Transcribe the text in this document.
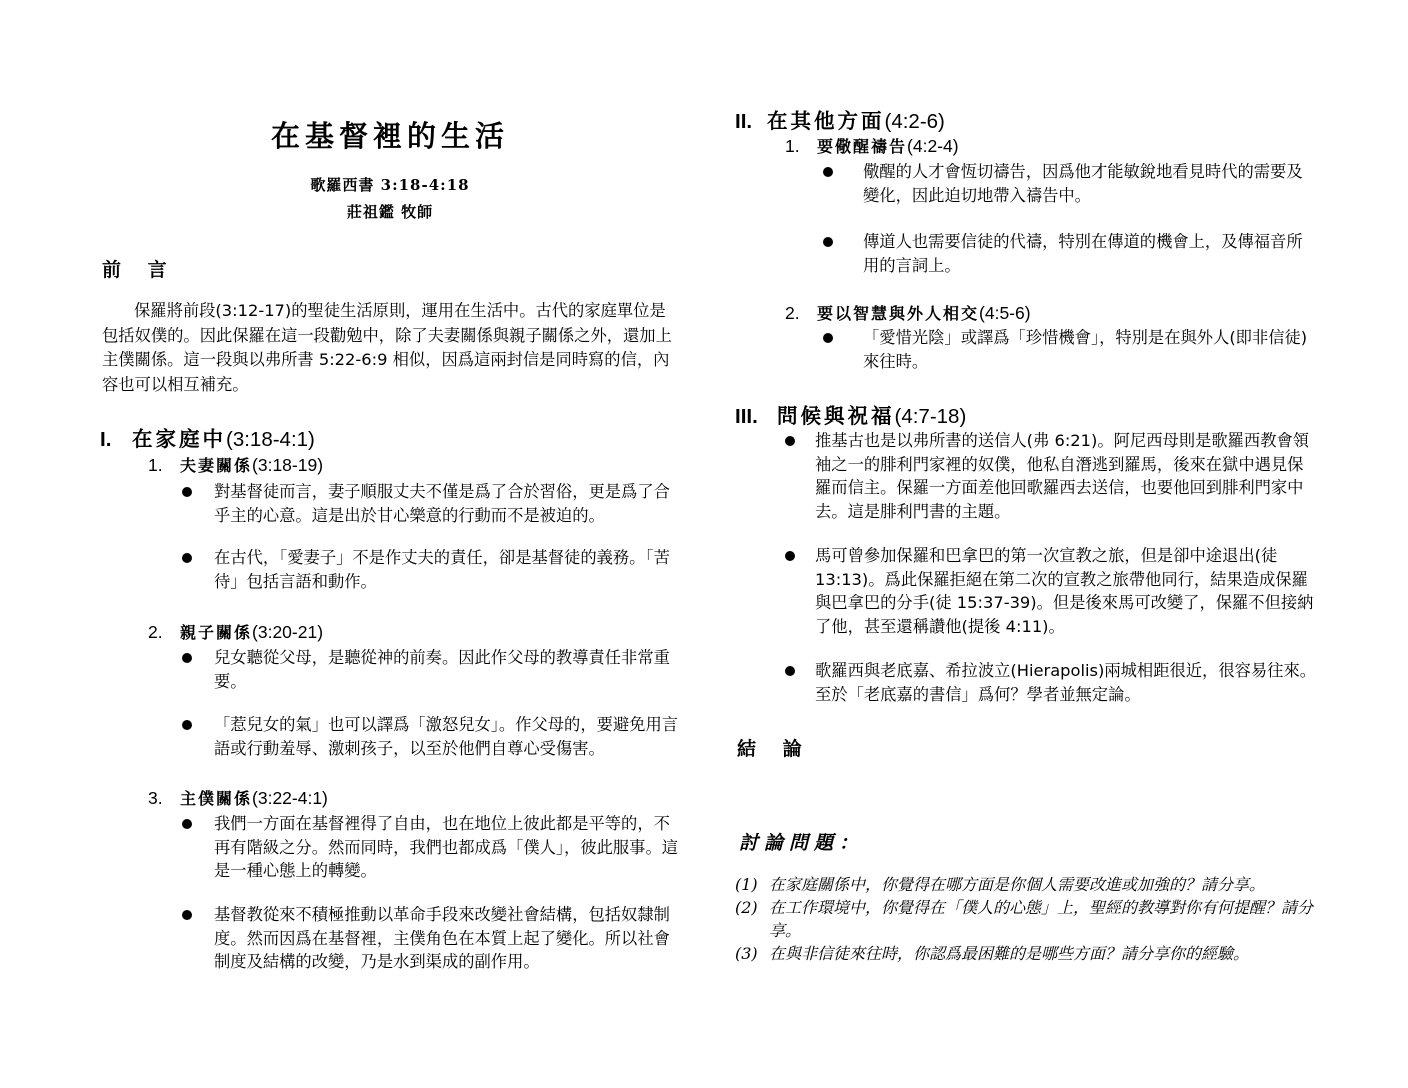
在基督裡的生活
歌羅西書 3:18-4:18
莊祖鑑 牧師
前 言
保羅將前段(3:12-17)的聖徒生活原則，運用在生活中。古代的家庭單位是包括奴僕的。因此保羅在這一段勸勉中，除了夫妻關係與親子關係之外，還加上主僕關係。這一段與以弗所書 5:22-6:9 相似，因爲這兩封信是同時寫的信，內容也可以相互補充。
I. 在家庭中(3:18-4:1)
1. 夫妻關係(3:18-19)
對基督徒而言，妻子順服丈夫不僅是爲了合於習俗，更是爲了合乎主的心意。這是出於甘心樂意的行動而不是被迫的。
在古代，「愛妻子」不是作丈夫的責任，卻是基督徒的義務。「苦待」包括言語和動作。
2. 親子關係(3:20-21)
兒女聽從父母，是聽從神的前奏。因此作父母的教導責任非常重要。
「惹兒女的氣」也可以譯爲「激怒兒女」。作父母的，要避免用言語或行動羞辱、激刺孩子，以至於他們自尊心受傷害。
3. 主僕關係(3:22-4:1)
我們一方面在基督裡得了自由，也在地位上彼此都是平等的，不再有階級之分。然而同時，我們也都成爲「僕人」，彼此服事。這是一種心態上的轉變。
基督教從來不積極推動以革命手段來改變社會結構，包括奴隸制度。然而因爲在基督裡，主僕角色在本質上起了變化。所以社會制度及結構的改變，乃是水到渠成的副作用。
II. 在其他方面(4:2-6)
1. 要儆醒禱告(4:2-4)
儆醒的人才會恆切禱告，因爲他才能敏銳地看見時代的需要及變化，因此迫切地帶入禱告中。
傳道人也需要信徒的代禱，特別在傳道的機會上，及傳福音所用的言詞上。
2. 要以智慧與外人相交(4:5-6)
「愛惜光陰」或譯爲「珍惜機會」，特別是在與外人(即非信徒)來往時。
III. 問候與祝福(4:7-18)
推基古也是以弗所書的送信人(弗 6:21)。阿尼西母則是歌羅西教會領袖之一的腓利門家裡的奴僕，他私自潛逃到羅馬，後來在獄中遇見保羅而信主。保羅一方面差他回歌羅西去送信，也要他回到腓利門家中去。這是腓利門書的主題。
馬可曾參加保羅和巴拿巴的第一次宣教之旅，但是卻中途退出(徒 13:13)。爲此保羅拒絕在第二次的宣教之旅帶他同行，結果造成保羅與巴拿巴的分手(徒 15:37-39)。但是後來馬可改變了，保羅不但接納了他，甚至還稱讚他(提後 4:11)。
歌羅西與老底嘉、希拉波立(Hierapolis)兩城相距很近，很容易往來。至於「老底嘉的書信」爲何？學者並無定論。
結 論
討論問題：
(1) 在家庭關係中，你覺得在哪方面是你個人需要改進或加強的？請分享。
(2) 在工作環境中，你覺得在「僕人的心態」上，聖經的教導對你有何提醒？請分享。
(3) 在與非信徒來往時，你認爲最困難的是哪些方面？請分享你的經驗。
